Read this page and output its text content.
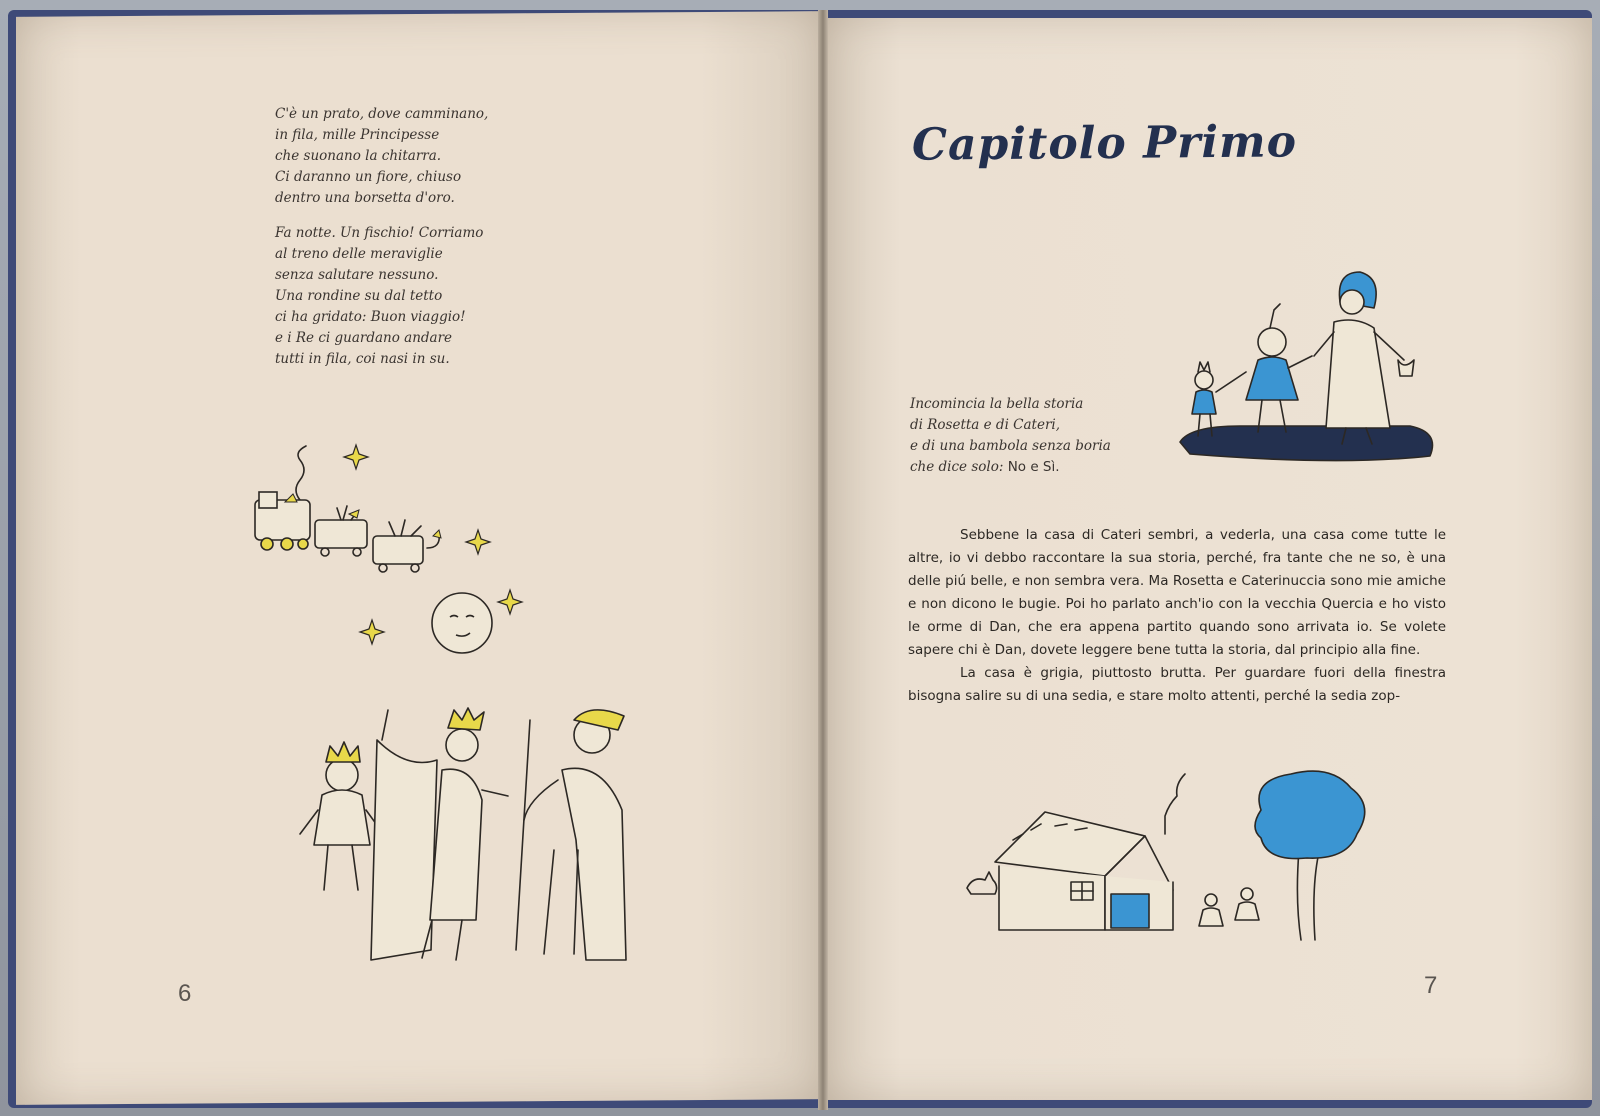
C'è un prato, dove camminano,
in fila, mille Principesse
che suonano la chitarra.
Ci daranno un fiore, chiuso
dentro una borsetta d'oro.
Fa notte. Un fischio! Corriamo
al treno delle meraviglie
senza salutare nessuno.
Una rondine su dal tetto
ci ha gridato: Buon viaggio!
e i Re ci guardano andare
tutti in fila, coi nasi in su.
6
Capitolo Primo
Incomincia la bella storia
di Rosetta e di Cateri,
e di una bambola senza boria
che dice solo: No e Sì.

Sebbene la casa di Cateri sembri, a vederla, una casa come tutte le altre, io vi debbo raccontare la sua storia, perché, fra tante che ne so, è una delle piú belle, e non sembra vera. Ma Rosetta e Caterinuccia sono mie amiche e non dicono le bugie. Poi ho parlato anch'io con la vecchia Quercia e ho visto le orme di Dan, che era appena partito quando sono arrivata io. Se volete sapere chi è Dan, dovete leggere bene tutta la storia, dal principio alla fine.

La casa è grigia, piuttosto brutta. Per guardare fuori della finestra bisogna salire su di una sedia, e stare molto attenti, perché la sedia zop-

7
